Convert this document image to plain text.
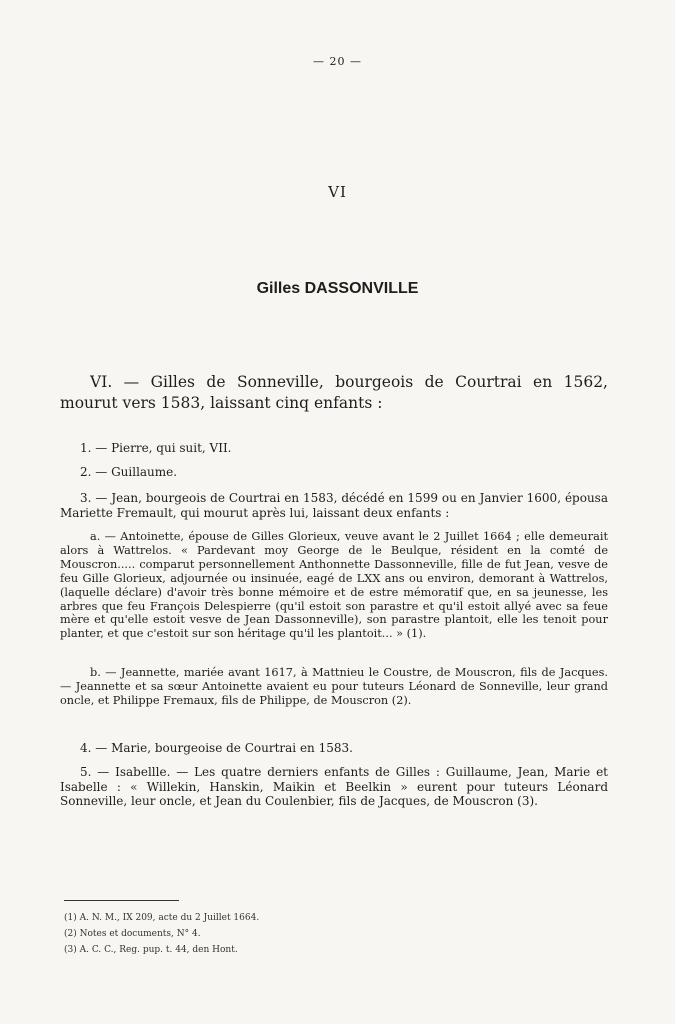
— 20 —
VI
Gilles DASSONVILLE
VI. — Gilles de Sonneville, bourgeois de Courtrai en 1562, mourut vers 1583, laissant cinq enfants :
1. — Pierre, qui suit, VII.
2. — Guillaume.
3. — Jean, bourgeois de Courtrai en 1583, décédé en 1599 ou en Janvier 1600, épousa Mariette Fremault, qui mourut après lui, laissant deux enfants :
a. — Antoinette, épouse de Gilles Glorieux, veuve avant le 2 Juillet 1664 ; elle demeurait alors à Wattrelos. « Pardevant moy George de le Beulque, résident en la comté de Mouscron..... comparut personnellement Anthonnette Dassonneville, fille de fut Jean, vesve de feu Gille Glorieux, adjournée ou insinuée, eagé de LXX ans ou environ, demorant à Wattrelos, (laquelle déclare) d'avoir très bonne mémoire et de estre mémoratif que, en sa jeunesse, les arbres que feu François Delespierre (qu'il estoit son parastre et qu'il estoit allyé avec sa feue mère et qu'elle estoit vesve de Jean Dassonneville), son parastre plantoit, elle les tenoit pour planter, et que c'estoit sur son héritage qu'il les plantoit... » (1).
b. — Jeannette, mariée avant 1617, à Mattnieu le Coustre, de Mouscron, fils de Jacques. — Jeannette et sa sœur Antoinette avaient eu pour tuteurs Léonard de Sonneville, leur grand oncle, et Philippe Fremaux, fils de Philippe, de Mouscron (2).
4. — Marie, bourgeoise de Courtrai en 1583.
5. — Isabellle. — Les quatre derniers enfants de Gilles : Guillaume, Jean, Marie et Isabelle : « Willekin, Hanskin, Maikin et Beelkin » eurent pour tuteurs Léonard Sonneville, leur oncle, et Jean du Coulenbier, fils de Jacques, de Mouscron (3).
(1) A. N. M., IX 209, acte du 2 Juillet 1664.
(2) Notes et documents, N° 4.
(3) A. C. C., Reg. pup. t. 44, den Hont.
